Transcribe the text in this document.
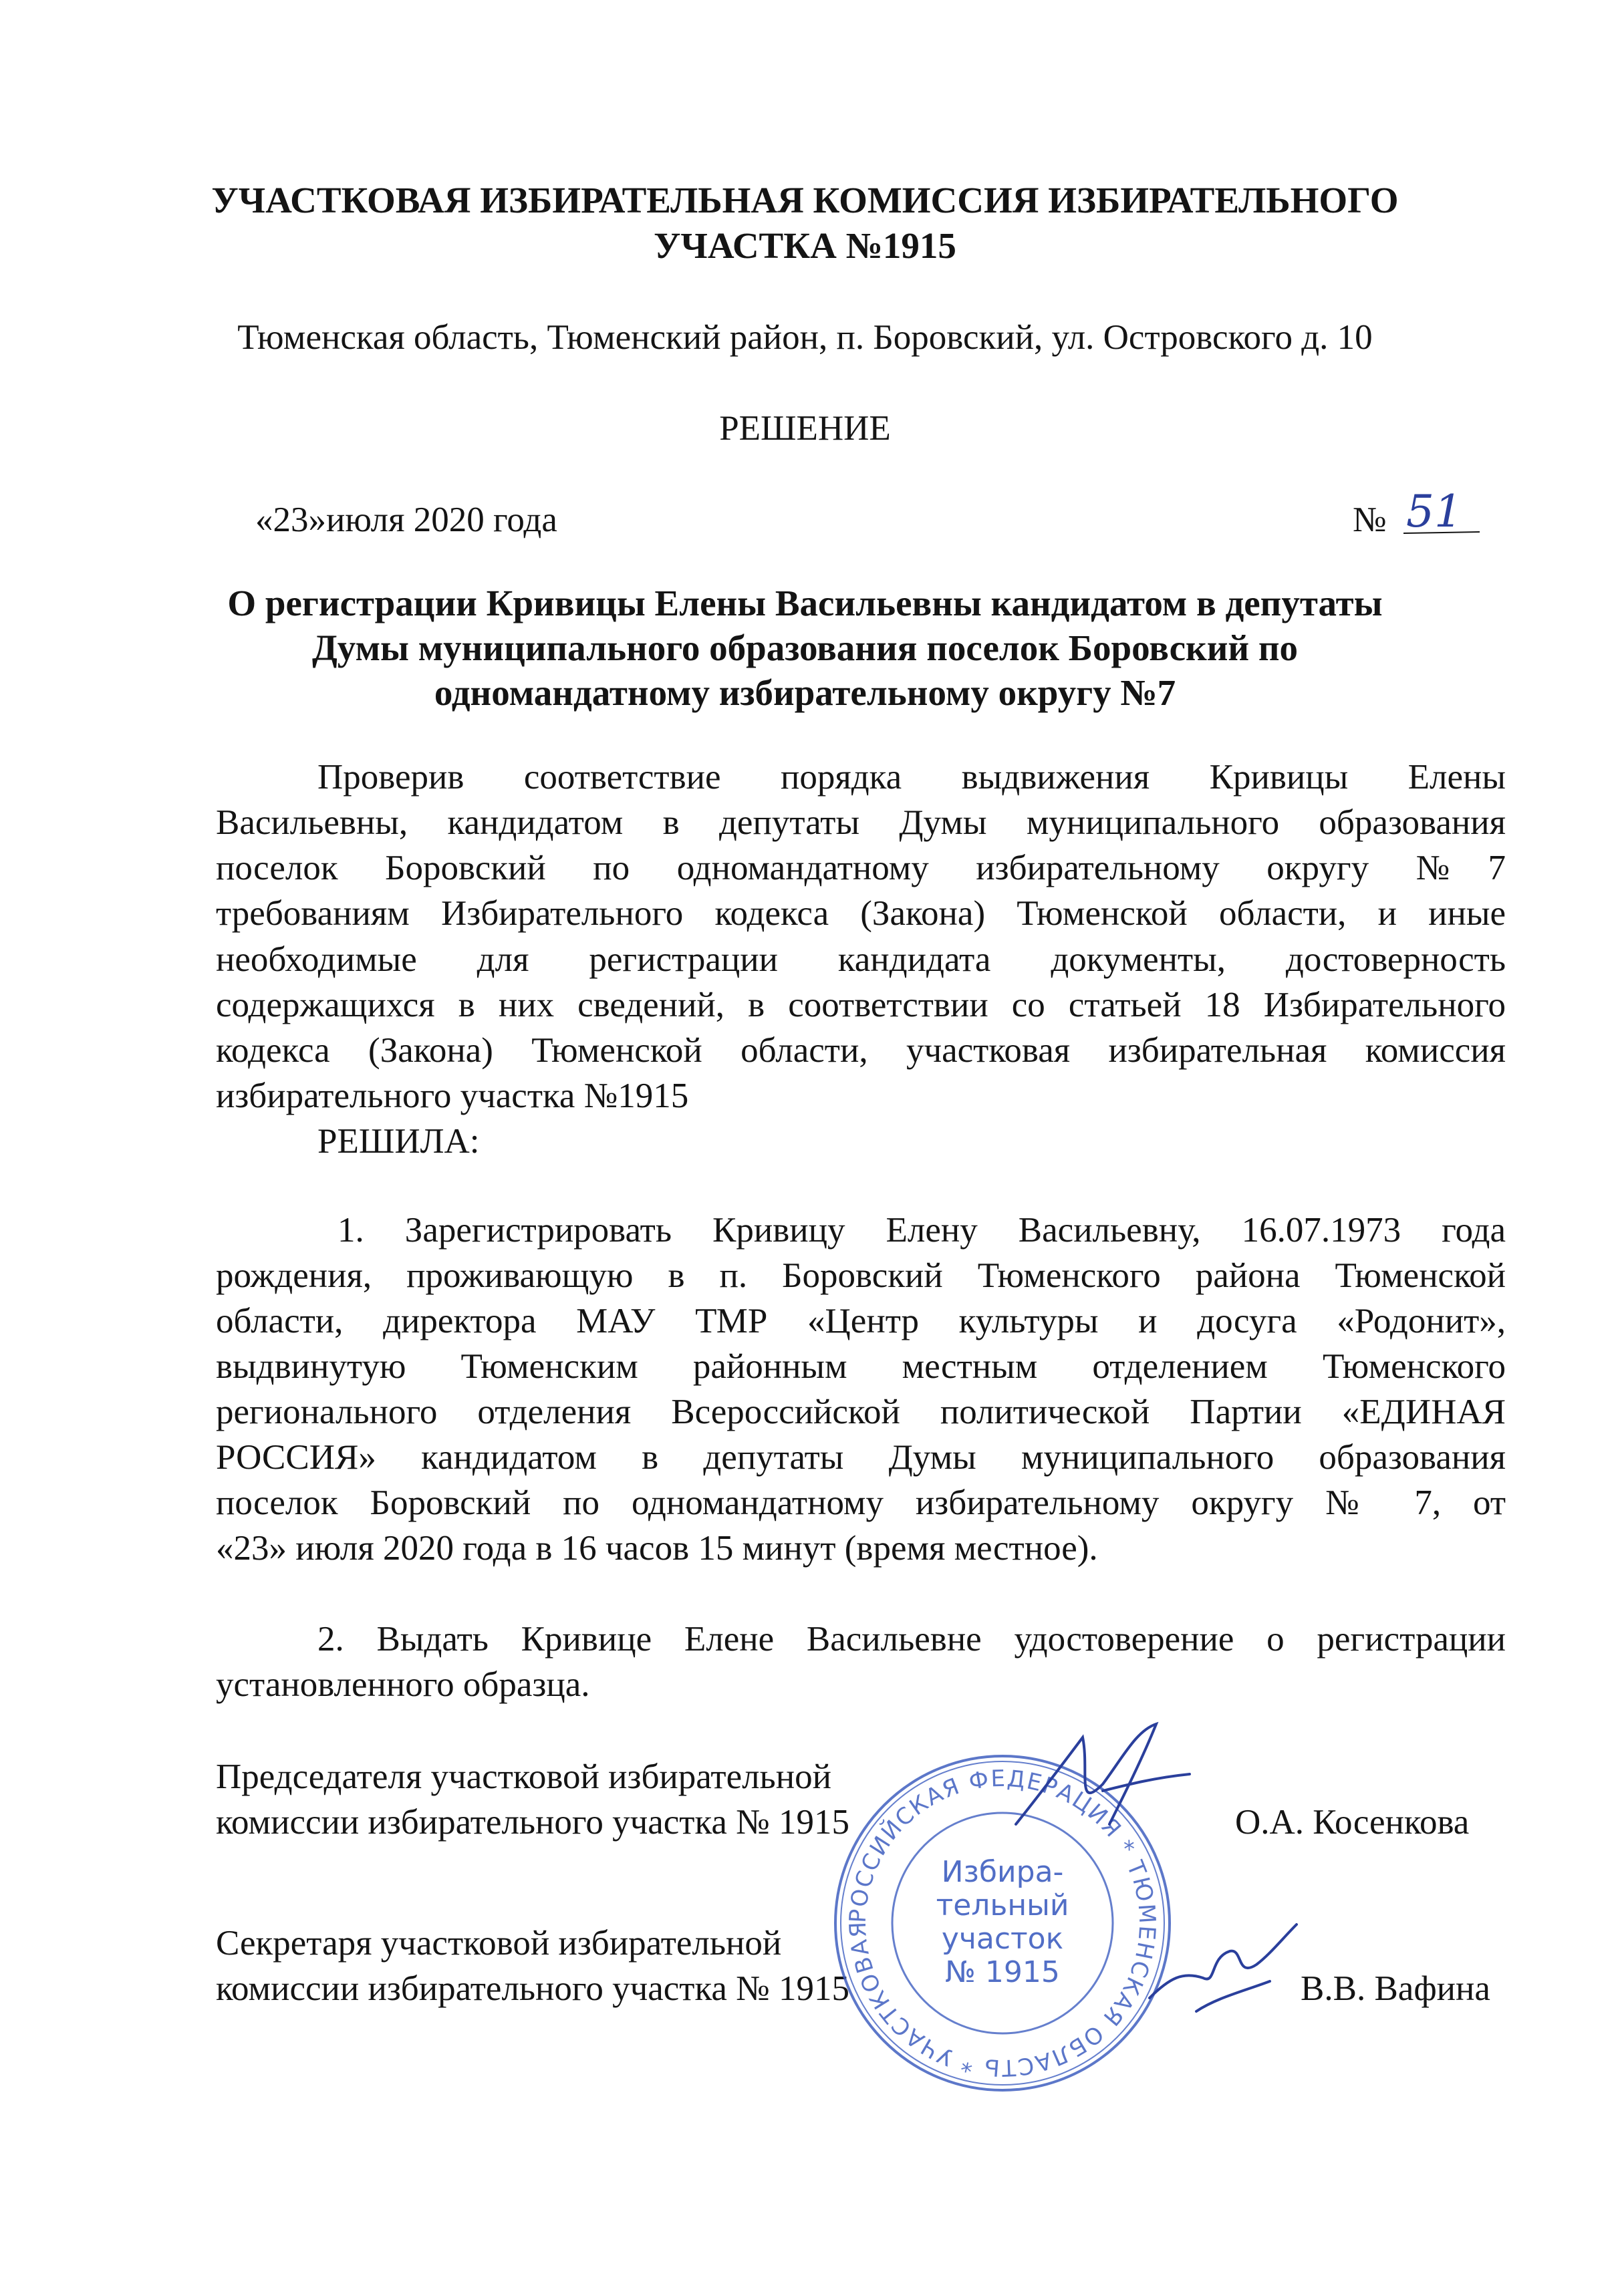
УЧАСТКОВАЯ ИЗБИРАТЕЛЬНАЯ КОМИССИЯ ИЗБИРАТЕЛЬНОГО
УЧАСТКА №1915
Тюменская область, Тюменский район, п. Боровский, ул. Островского д. 10
РЕШЕНИЕ
«23»июля 2020 года	№ 51
О регистрации Кривицы Елены Васильевны кандидатом в депутаты
Думы муниципального образования поселок Боровский по
одномандатному избирательному округу №7
Проверив соответствие порядка выдвижения Кривицы Елены
Васильевны, кандидатом в депутаты Думы муниципального образования
поселок Боровский по одномандатному избирательному округу №7
требованиям Избирательного кодекса (Закона) Тюменской области, и иные
необходимые для регистрации кандидата документы, достоверность
содержащихся в них сведений, в соответствии со статьей 18 Избирательного
кодекса (Закона) Тюменской области, участковая избирательная комиссия
избирательного участка №1915
РЕШИЛА:
1. Зарегистрировать Кривицу Елену Васильевну, 16.07.1973 года
рождения, проживающую в п. Боровский Тюменского района Тюменской
области, директора МАУ ТМР «Центр культуры и досуга «Родонит»,
выдвинутую Тюменским районным местным отделением Тюменского
регионального отделения Всероссийской политической Партии «ЕДИНАЯ
РОССИЯ» кандидатом в депутаты Думы муниципального образования
поселок Боровский по одномандатному избирательному округу № 7, от
«23» июля 2020 года в 16 часов 15 минут (время местное).
2. Выдать Кривице Елене Васильевне удостоверение о регистрации
установленного образца.
Председателя участковой избирательной
комиссии избирательного участка № 1915	О.А. Косенкова
Секретаря участковой избирательной
комиссии избирательного участка № 1915	В.В. Вафина
РОССИЙСКАЯ ФЕДЕРАЦИЯ * ТЮМЕНСКАЯ ОБЛАСТЬ * УЧАСТКОВАЯ
Избира-
тельный
участок
№ 1915
